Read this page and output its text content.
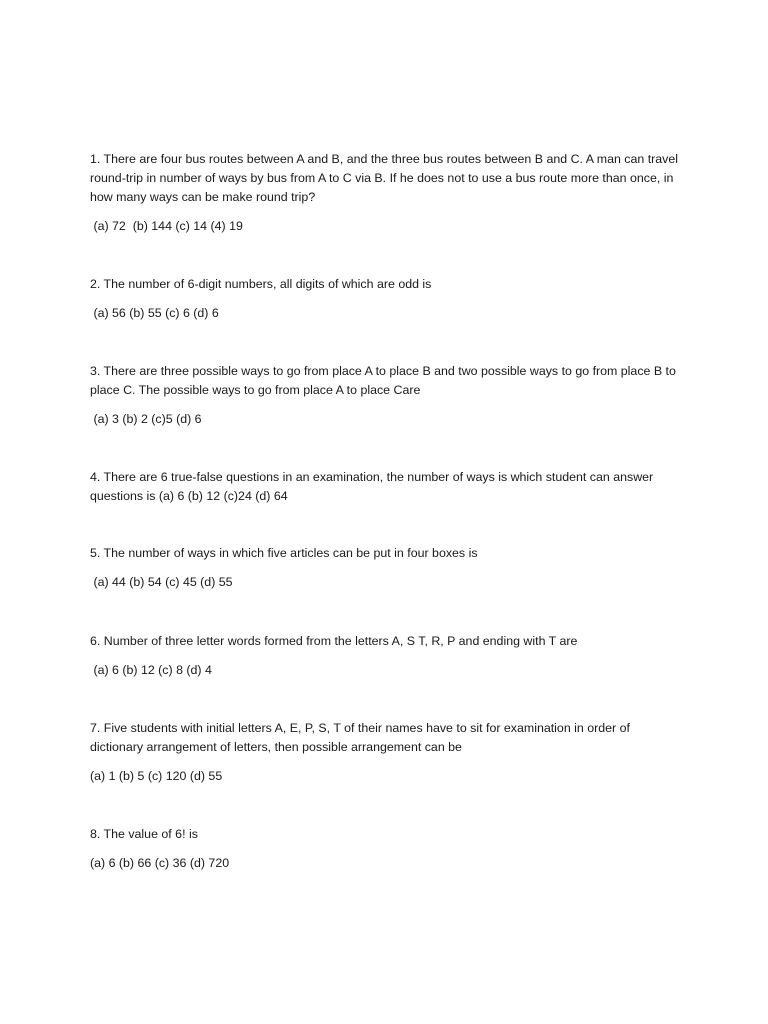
1. There are four bus routes between A and B, and the three bus routes between B and C. A man can travel round-trip in number of ways by bus from A to C via B. If he does not to use a bus route more than once, in how many ways can be make round trip?

(a) 72  (b) 144 (c) 14 (4) 19

2. The number of 6-digit numbers, all digits of which are odd is

(a) 56 (b) 55 (c) 6 (d) 6

3. There are three possible ways to go from place A to place B and two possible ways to go from place B to place C. The possible ways to go from place A to place Care

(a) 3 (b) 2 (c)5 (d) 6

4. There are 6 true-false questions in an examination, the number of ways is which student can answer questions is (a) 6 (b) 12 (c)24 (d) 64

5. The number of ways in which five articles can be put in four boxes is

(a) 44 (b) 54 (c) 45 (d) 55

6. Number of three letter words formed from the letters A, S T, R, P and ending with T are

(a) 6 (b) 12 (c) 8 (d) 4

7. Five students with initial letters A, E, P, S, T of their names have to sit for examination in order of dictionary arrangement of letters, then possible arrangement can be

(a) 1 (b) 5 (c) 120 (d) 55

8. The value of 6! is

(a) 6 (b) 66 (c) 36 (d) 720
